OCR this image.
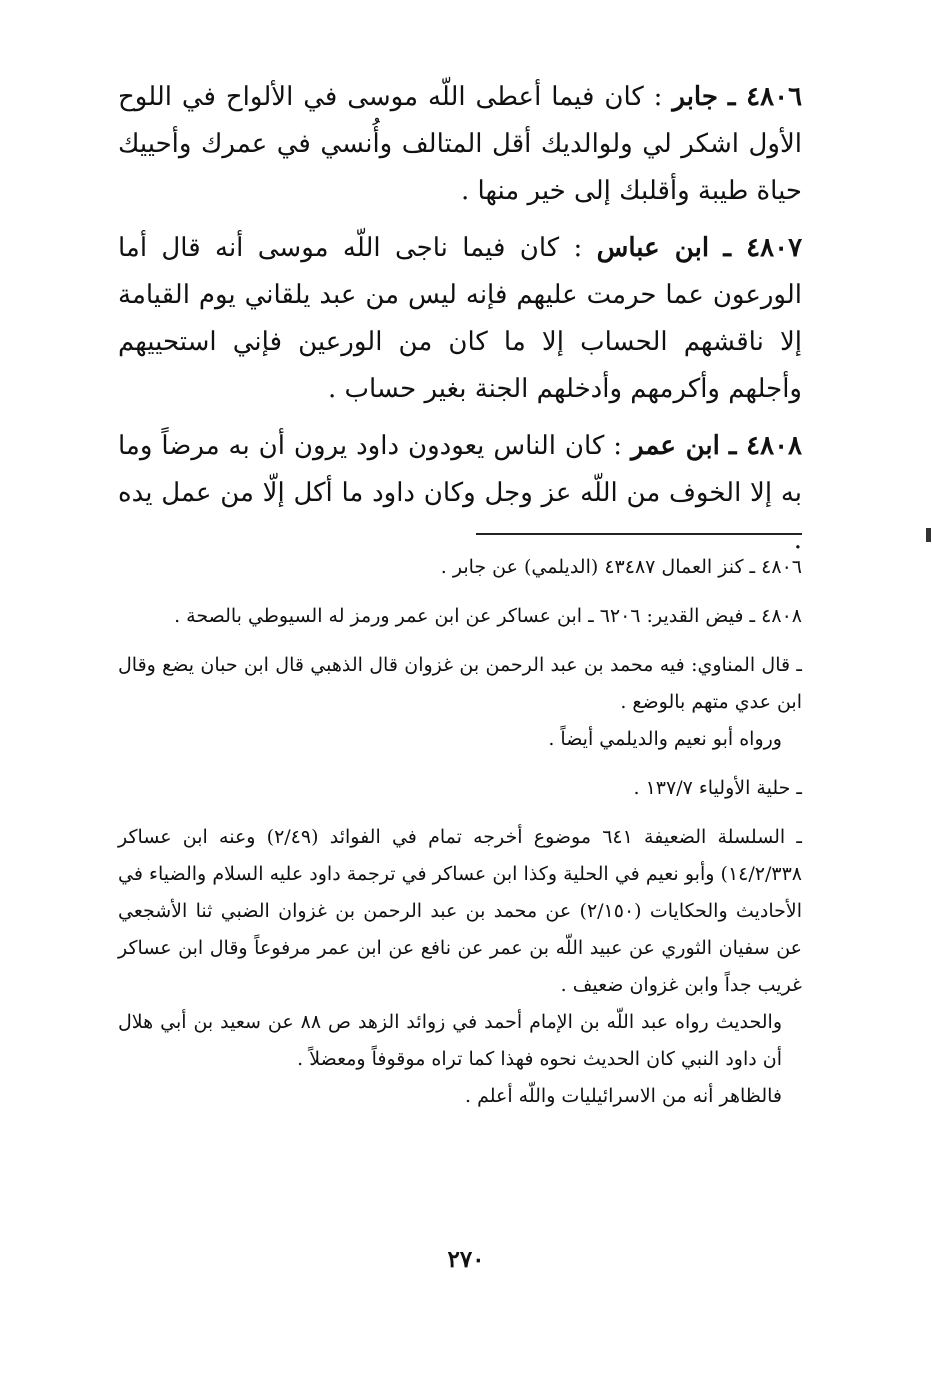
٤٨٠٦ ـ جابر : كان فيما أعطى اللّه موسى في الألواح في اللوح الأول اشكر لي ولوالديك أقل المتالف وأُنسي في عمرك وأحييك حياة طيبة وأقلبك إلى خير منها .

٤٨٠٧ ـ ابن عباس : كان فيما ناجى اللّه موسى أنه قال أما الورعون عما حرمت عليهم فإنه ليس من عبد يلقاني يوم القيامة إلا ناقشهم الحساب إلا ما كان من الورعين فإني استحييهم وأجلهم وأكرمهم وأدخلهم الجنة بغير حساب .

٤٨٠٨ ـ ابن عمر : كان الناس يعودون داود يرون أن به مرضاً وما به إلا الخوف من اللّه عز وجل وكان داود ما أكل إلّا من عمل يده .

٤٨٠٦ ـ كنز العمال ٤٣٤٨٧ (الديلمي) عن جابر .

٤٨٠٨ ـ فيض القدير: ٦٢٠٦ ـ ابن عساكر عن ابن عمر ورمز له السيوطي بالصحة .

ـ قال المناوي: فيه محمد بن عبد الرحمن بن غزوان قال الذهبي قال ابن حبان يضع وقال ابن عدي متهم بالوضع .

ورواه أبو نعيم والديلمي أيضاً .

ـ حلية الأولياء ١٣٧/٧ .

ـ السلسلة الضعيفة ٦٤١ موضوع أخرجه تمام في الفوائد (٢/٤٩) وعنه ابن عساكر ١٤/٢/٣٣٨) وأبو نعيم في الحلية وكذا ابن عساكر في ترجمة داود عليه السلام والضياء في الأحاديث والحكايات (٢/١٥٠) عن محمد بن عبد الرحمن بن غزوان الضبي ثنا الأشجعي عن سفيان الثوري عن عبيد اللّه بن عمر عن نافع عن ابن عمر مرفوعاً وقال ابن عساكر غريب جداً وابن غزوان ضعيف .

والحديث رواه عبد اللّه بن الإمام أحمد في زوائد الزهد ص ٨٨ عن سعيد بن أبي هلال أن داود النبي كان الحديث نحوه فهذا كما تراه موقوفاً ومعضلاً .

فالظاهر أنه من الاسرائيليات واللّه أعلم .

٢٧٠
